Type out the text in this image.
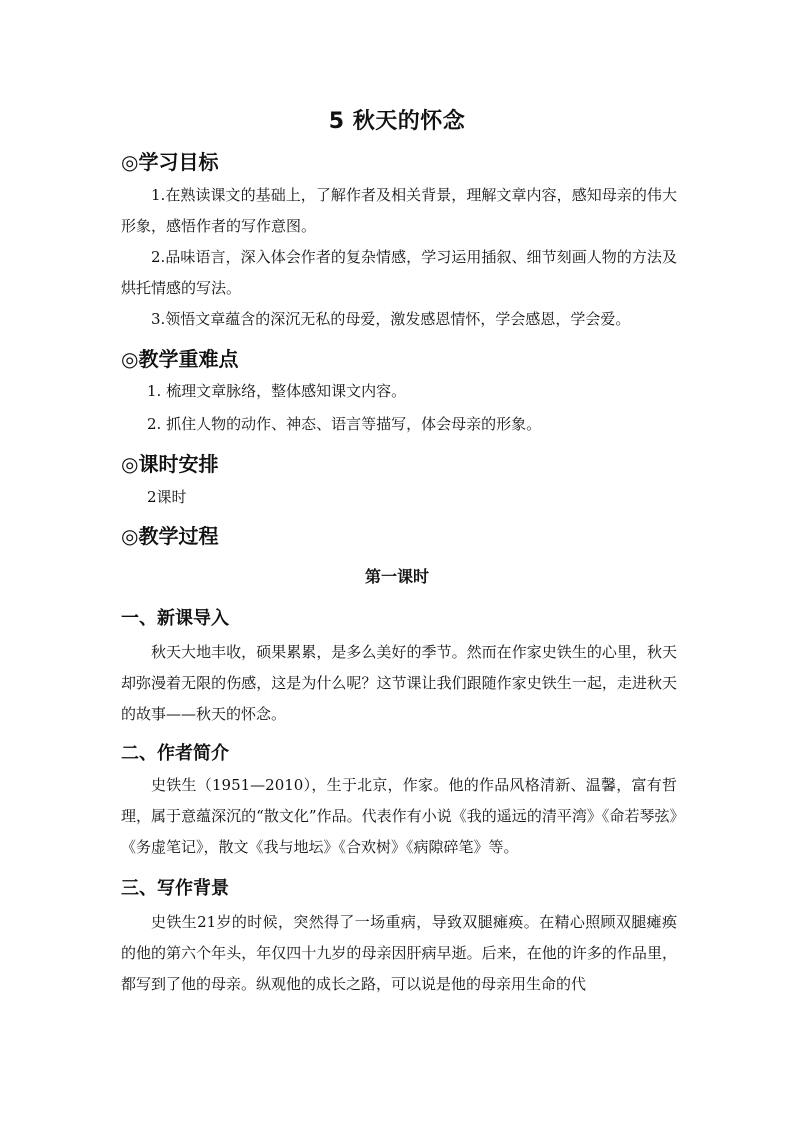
5 秋天的怀念
◎学习目标

1.在熟读课文的基础上，了解作者及相关背景，理解文章内容，感知母亲的伟大形象，感悟作者的写作意图。

2.品味语言，深入体会作者的复杂情感，学习运用插叙、细节刻画人物的方法及烘托情感的写法。

3.领悟文章蕴含的深沉无私的母爱，激发感恩情怀，学会感恩，学会爱。

◎教学重难点
1. 梳理文章脉络，整体感知课文内容。
2. 抓住人物的动作、神态、语言等描写，体会母亲的形象。
◎课时安排
2课时
◎教学过程
第一课时
一、新课导入

秋天大地丰收，硕果累累，是多么美好的季节。然而在作家史铁生的心里，秋天却弥漫着无限的伤感，这是为什么呢？这节课让我们跟随作家史铁生一起，走进秋天的故事——秋天的怀念。

二、作者简介

史铁生（1951—2010），生于北京，作家。他的作品风格清新、温馨，富有哲理，属于意蕴深沉的“散文化”作品。代表作有小说《我的遥远的清平湾》《命若琴弦》《务虚笔记》，散文《我与地坛》《合欢树》《病隙碎笔》等。

三、写作背景

史铁生21岁的时候，突然得了一场重病，导致双腿瘫痪。在精心照顾双腿瘫痪的他的第六个年头，年仅四十九岁的母亲因肝病早逝。后来，在他的许多的作品里，都写到了他的母亲。纵观他的成长之路，可以说是他的母亲用生命的代
